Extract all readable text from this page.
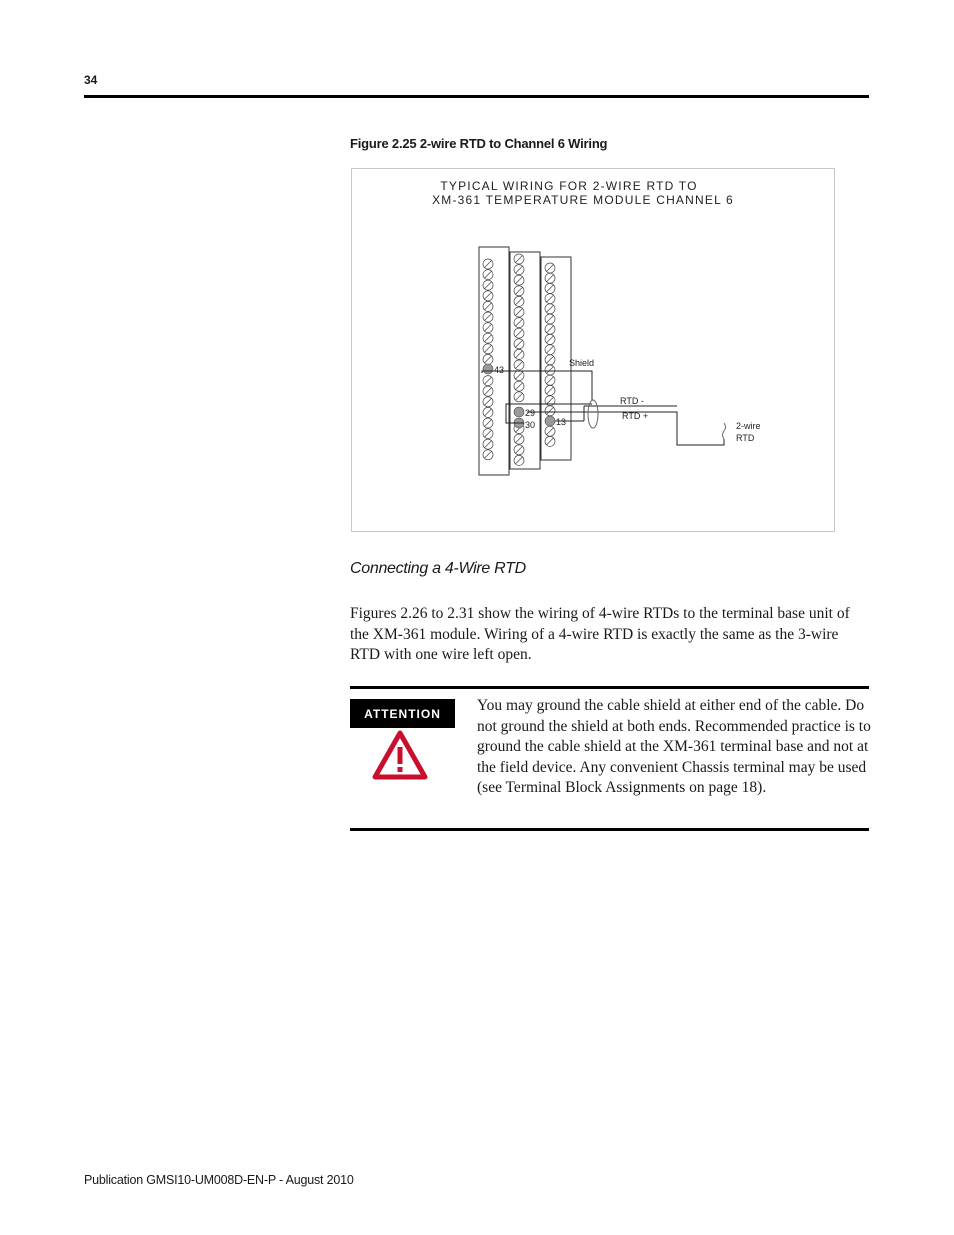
34
Figure 2.25 2-wire RTD to Channel 6 Wiring
TYPICAL WIRING FOR 2-WIRE RTD TO
XM-361 TEMPERATURE MODULE CHANNEL 6
43
29
30 13
Shield
RTD -
RTD +
2-wire
RTD
Connecting a 4-Wire RTD

Figures 2.26 to 2.31 show the wiring of 4-wire RTDs to the terminal base unit of the XM-361 module. Wiring of a 4-wire RTD is exactly the same as the 3-wire RTD with one wire left open.

ATTENTION	You may ground the cable shield at either end of the cable. Do not ground the shield at both ends. Recommended practice is to ground the cable shield at the XM-361 terminal base and not at the field device. Any convenient Chassis terminal may be used (see Terminal Block Assignments on page 18).

Publication GMSI10-UM008D-EN-P - August 2010
